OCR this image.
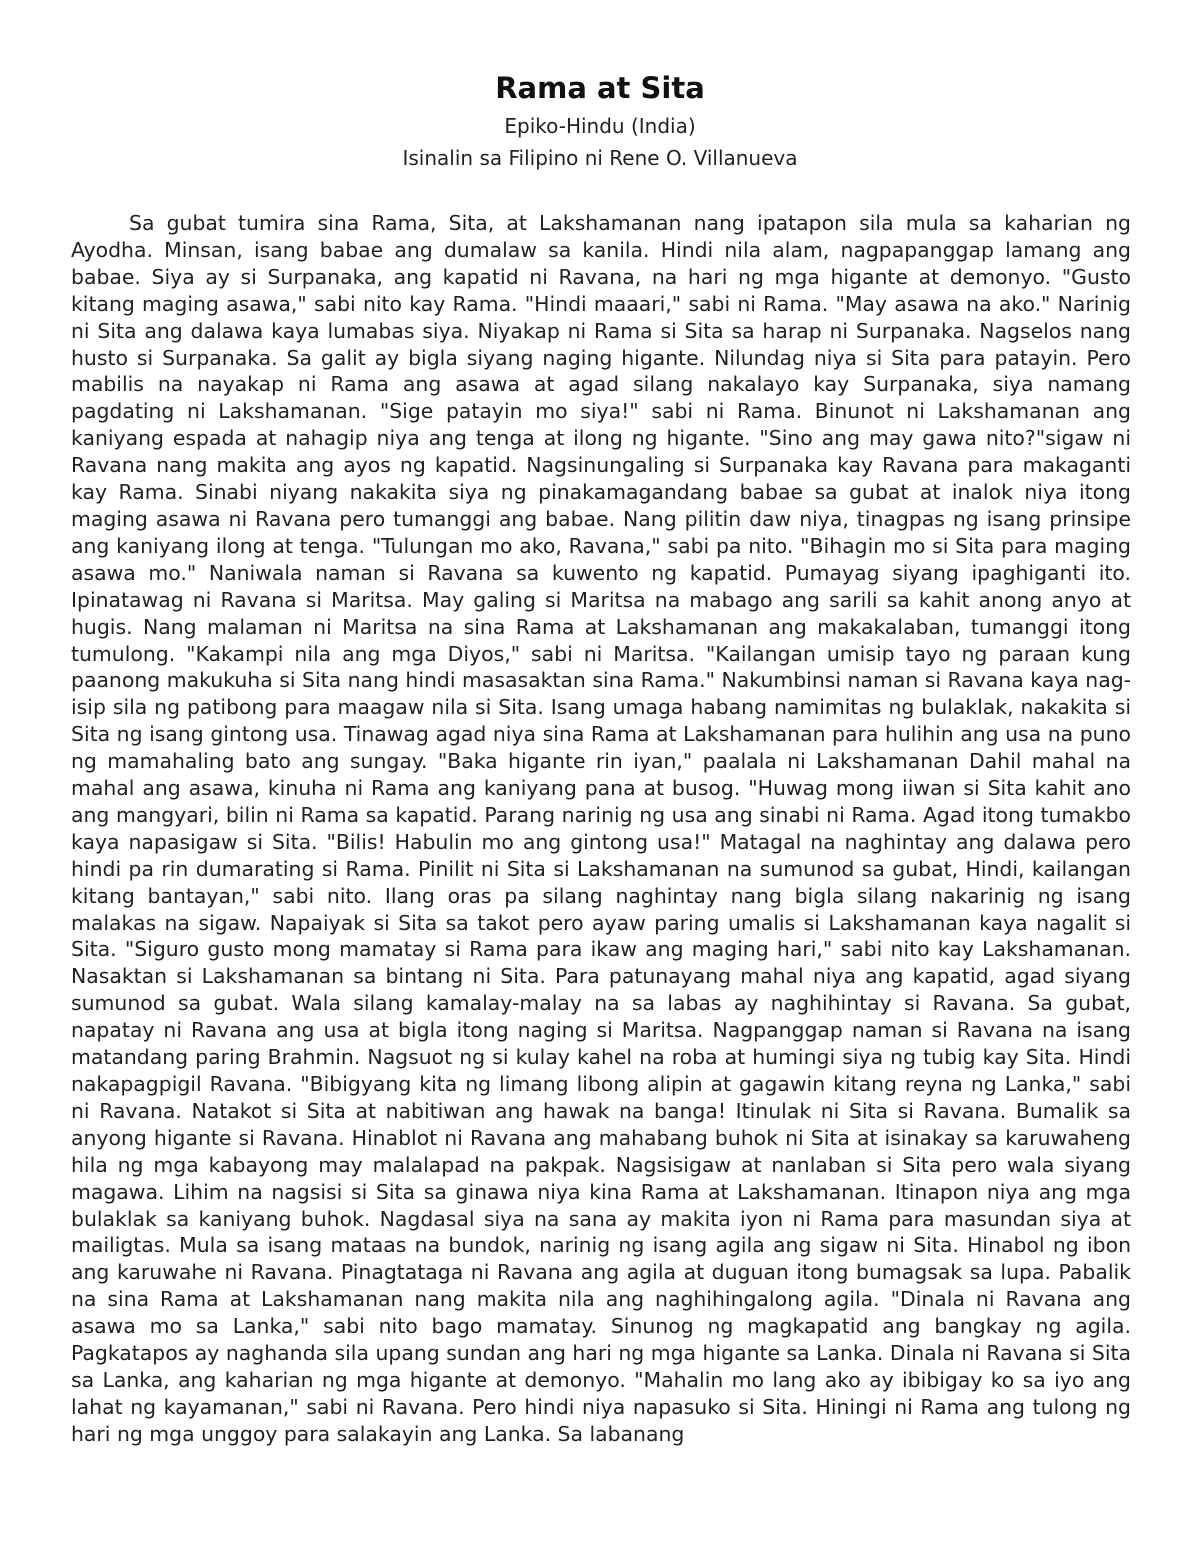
Rama at Sita

Epiko-Hindu (India)

Isinalin sa Filipino ni Rene O. Villanueva

Sa gubat tumira sina Rama, Sita, at Lakshamanan nang ipatapon sila mula sa kaharian ng Ayodha. Minsan, isang babae ang dumalaw sa kanila. Hindi nila alam, nagpapanggap lamang ang babae. Siya ay si Surpanaka, ang kapatid ni Ravana, na hari ng mga higante at demonyo. "Gusto kitang maging asawa," sabi nito kay Rama. "Hindi maaari," sabi ni Rama. "May asawa na ako." Narinig ni Sita ang dalawa kaya lumabas siya. Niyakap ni Rama si Sita sa harap ni Surpanaka. Nagselos nang husto si Surpanaka. Sa galit ay bigla siyang naging higante. Nilundag niya si Sita para patayin. Pero mabilis na nayakap ni Rama ang asawa at agad silang nakalayo kay Surpanaka, siya namang pagdating ni Lakshamanan. "Sige patayin mo siya!" sabi ni Rama. Binunot ni Lakshamanan ang kaniyang espada at nahagip niya ang tenga at ilong ng higante. "Sino ang may gawa nito?"sigaw ni Ravana nang makita ang ayos ng kapatid. Nagsinungaling si Surpanaka kay Ravana para makaganti kay Rama. Sinabi niyang nakakita siya ng pinakamagandang babae sa gubat at inalok niya itong maging asawa ni Ravana pero tumanggi ang babae. Nang pilitin daw niya, tinagpas ng isang prinsipe ang kaniyang ilong at tenga. "Tulungan mo ako, Ravana," sabi pa nito. "Bihagin mo si Sita para maging asawa mo." Naniwala naman si Ravana sa kuwento ng kapatid. Pumayag siyang ipaghiganti ito. Ipinatawag ni Ravana si Maritsa. May galing si Maritsa na mabago ang sarili sa kahit anong anyo at hugis. Nang malaman ni Maritsa na sina Rama at Lakshamanan ang makakalaban, tumanggi itong tumulong. "Kakampi nila ang mga Diyos," sabi ni Maritsa. "Kailangan umisip tayo ng paraan kung paanong makukuha si Sita nang hindi masasaktan sina Rama." Nakumbinsi naman si Ravana kaya nag-isip sila ng patibong para maagaw nila si Sita. Isang umaga habang namimitas ng bulaklak, nakakita si Sita ng isang gintong usa. Tinawag agad niya sina Rama at Lakshamanan para hulihin ang usa na puno ng mamahaling bato ang sungay. "Baka higante rin iyan," paalala ni Lakshamanan Dahil mahal na mahal ang asawa, kinuha ni Rama ang kaniyang pana at busog. "Huwag mong iiwan si Sita kahit ano ang mangyari, bilin ni Rama sa kapatid. Parang narinig ng usa ang sinabi ni Rama. Agad itong tumakbo kaya napasigaw si Sita. "Bilis! Habulin mo ang gintong usa!" Matagal na naghintay ang dalawa pero hindi pa rin dumarating si Rama. Pinilit ni Sita si Lakshamanan na sumunod sa gubat, Hindi, kailangan kitang bantayan," sabi nito. Ilang oras pa silang naghintay nang bigla silang nakarinig ng isang malakas na sigaw. Napaiyak si Sita sa takot pero ayaw paring umalis si Lakshamanan kaya nagalit si Sita. "Siguro gusto mong mamatay si Rama para ikaw ang maging hari," sabi nito kay Lakshamanan. Nasaktan si Lakshamanan sa bintang ni Sita. Para patunayang mahal niya ang kapatid, agad siyang sumunod sa gubat. Wala silang kamalay-malay na sa labas ay naghihintay si Ravana. Sa gubat, napatay ni Ravana ang usa at bigla itong naging si Maritsa. Nagpanggap naman si Ravana na isang matandang paring Brahmin. Nagsuot ng si kulay kahel na roba at humingi siya ng tubig kay Sita. Hindi nakapagpigil Ravana. "Bibigyang kita ng limang libong alipin at gagawin kitang reyna ng Lanka," sabi ni Ravana. Natakot si Sita at nabitiwan ang hawak na banga! Itinulak ni Sita si Ravana. Bumalik sa anyong higante si Ravana. Hinablot ni Ravana ang mahabang buhok ni Sita at isinakay sa karuwaheng hila ng mga kabayong may malalapad na pakpak. Nagsisigaw at nanlaban si Sita pero wala siyang magawa. Lihim na nagsisi si Sita sa ginawa niya kina Rama at Lakshamanan. Itinapon niya ang mga bulaklak sa kaniyang buhok. Nagdasal siya na sana ay makita iyon ni Rama para masundan siya at mailigtas. Mula sa isang mataas na bundok, narinig ng isang agila ang sigaw ni Sita. Hinabol ng ibon ang karuwahe ni Ravana. Pinagtataga ni Ravana ang agila at duguan itong bumagsak sa lupa. Pabalik na sina Rama at Lakshamanan nang makita nila ang naghihingalong agila. "Dinala ni Ravana ang asawa mo sa Lanka," sabi nito bago mamatay. Sinunog ng magkapatid ang bangkay ng agila. Pagkatapos ay naghanda sila upang sundan ang hari ng mga higante sa Lanka. Dinala ni Ravana si Sita sa Lanka, ang kaharian ng mga higante at demonyo. "Mahalin mo lang ako ay ibibigay ko sa iyo ang lahat ng kayamanan," sabi ni Ravana. Pero hindi niya napasuko si Sita. Hiningi ni Rama ang tulong ng hari ng mga unggoy para salakayin ang Lanka. Sa labanang
